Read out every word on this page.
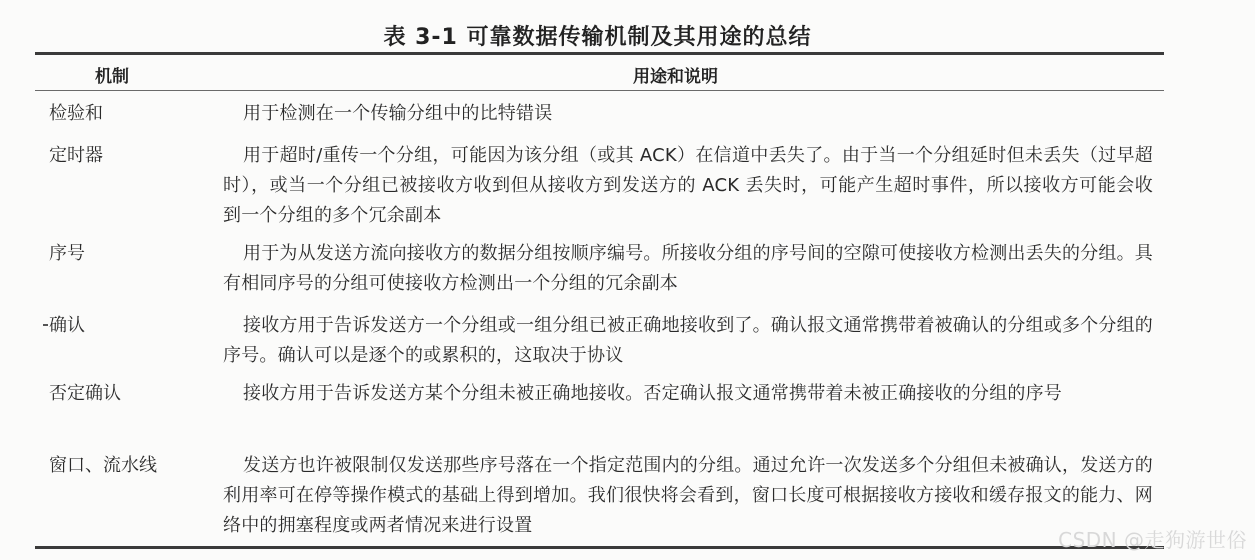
表 3-1 可靠数据传输机制及其用途的总结
机制	用途和说明
检验和	用于检测在一个传输分组中的比特错误
定时器	用于超时/重传一个分组，可能因为该分组（或其 ACK）在信道中丢失了。由于当一个分组延时但未丢失（过早超时），或当一个分组已被接收方收到但从接收方到发送方的 ACK 丢失时，可能产生超时事件，所以接收方可能会收到一个分组的多个冗余副本
序号	用于为从发送方流向接收方的数据分组按顺序编号。所接收分组的序号间的空隙可使接收方检测出丢失的分组。具有相同序号的分组可使接收方检测出一个分组的冗余副本
确认	接收方用于告诉发送方一个分组或一组分组已被正确地接收到了。确认报文通常携带着被确认的分组或多个分组的序号。确认可以是逐个的或累积的，这取决于协议
否定确认	接收方用于告诉发送方某个分组未被正确地接收。否定确认报文通常携带着未被正确接收的分组的序号
窗口、流水线	发送方也许被限制仅发送那些序号落在一个指定范围内的分组。通过允许一次发送多个分组但未被确认，发送方的利用率可在停等操作模式的基础上得到增加。我们很快将会看到，窗口长度可根据接收方接收和缓存报文的能力、网络中的拥塞程度或两者情况来进行设置
CSDN @走狗游世俗
